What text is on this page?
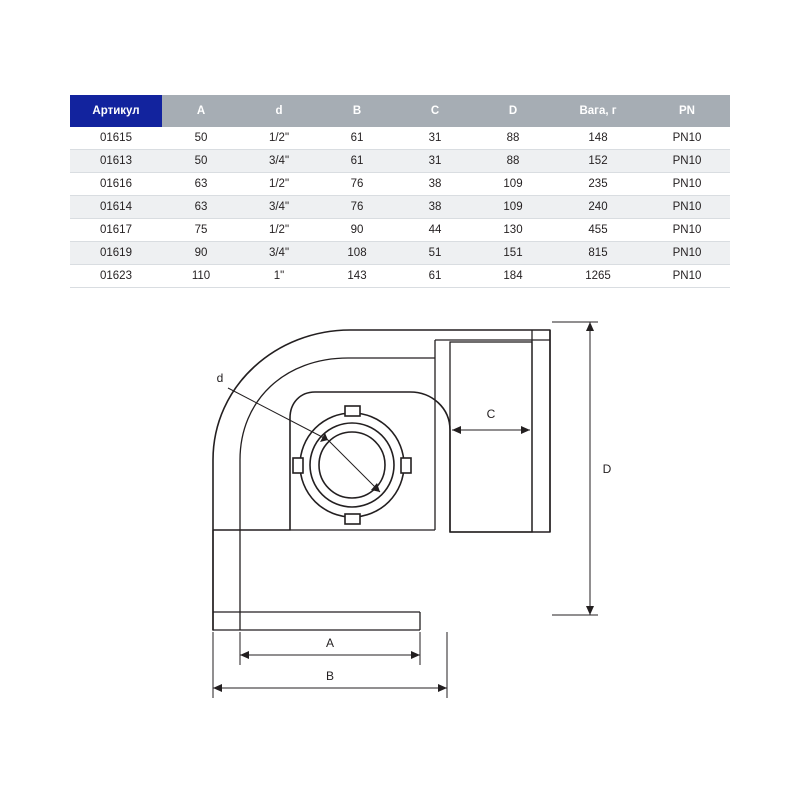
Артикул	A	d	B	C	D	Вага, г	PN
01615	50	1/2"	61	31	88	148	PN10
01613	50	3/4"	61	31	88	152	PN10
01616	63	1/2"	76	38	109	235	PN10
01614	63	3/4"	76	38	109	240	PN10
01617	75	1/2"	90	44	130	455	PN10
01619	90	3/4"	108	51	151	815	PN10
01623	110	1"	143	61	184	1265	PN10
d
C
D
A
B
